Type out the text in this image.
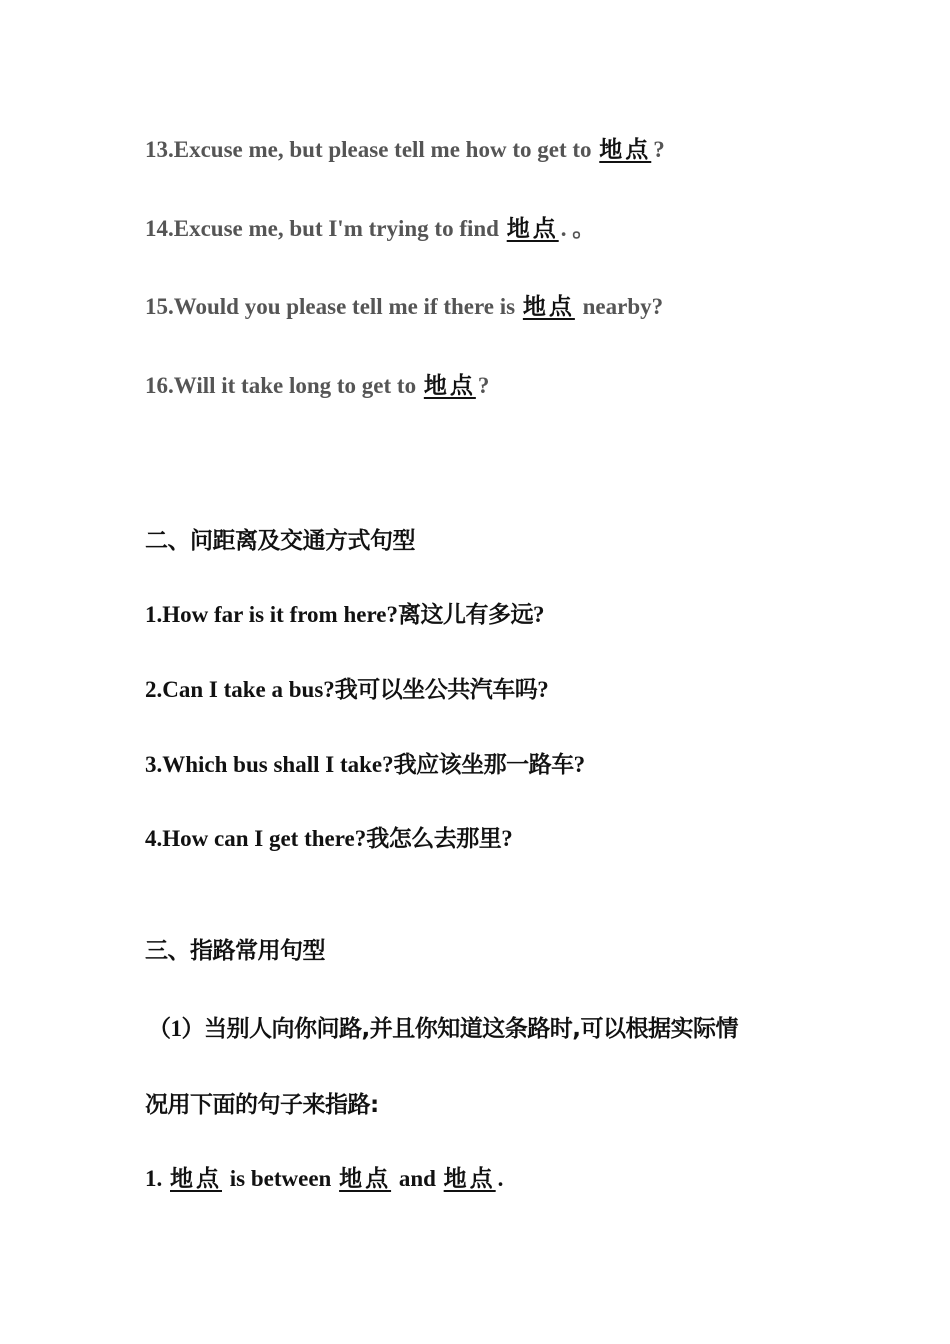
13.Excuse me, but please tell me how to get to 地点?
14.Excuse me, but I'm trying to find 地点. 。
15.Would you please tell me if there is 地点 nearby?
16.Will it take long to get to 地点?
二、问距离及交通方式句型
1.How far is it from here?离这儿有多远?
2.Can I take a bus?我可以坐公共汽车吗?
3.Which bus shall I take?我应该坐那一路车?
4.How can I get there?我怎么去那里?
三、指路常用句型
（1）当别人向你问路,并且你知道这条路时,可以根据实际情
况用下面的句子来指路:
1. 地点 is between 地点 and 地点.
